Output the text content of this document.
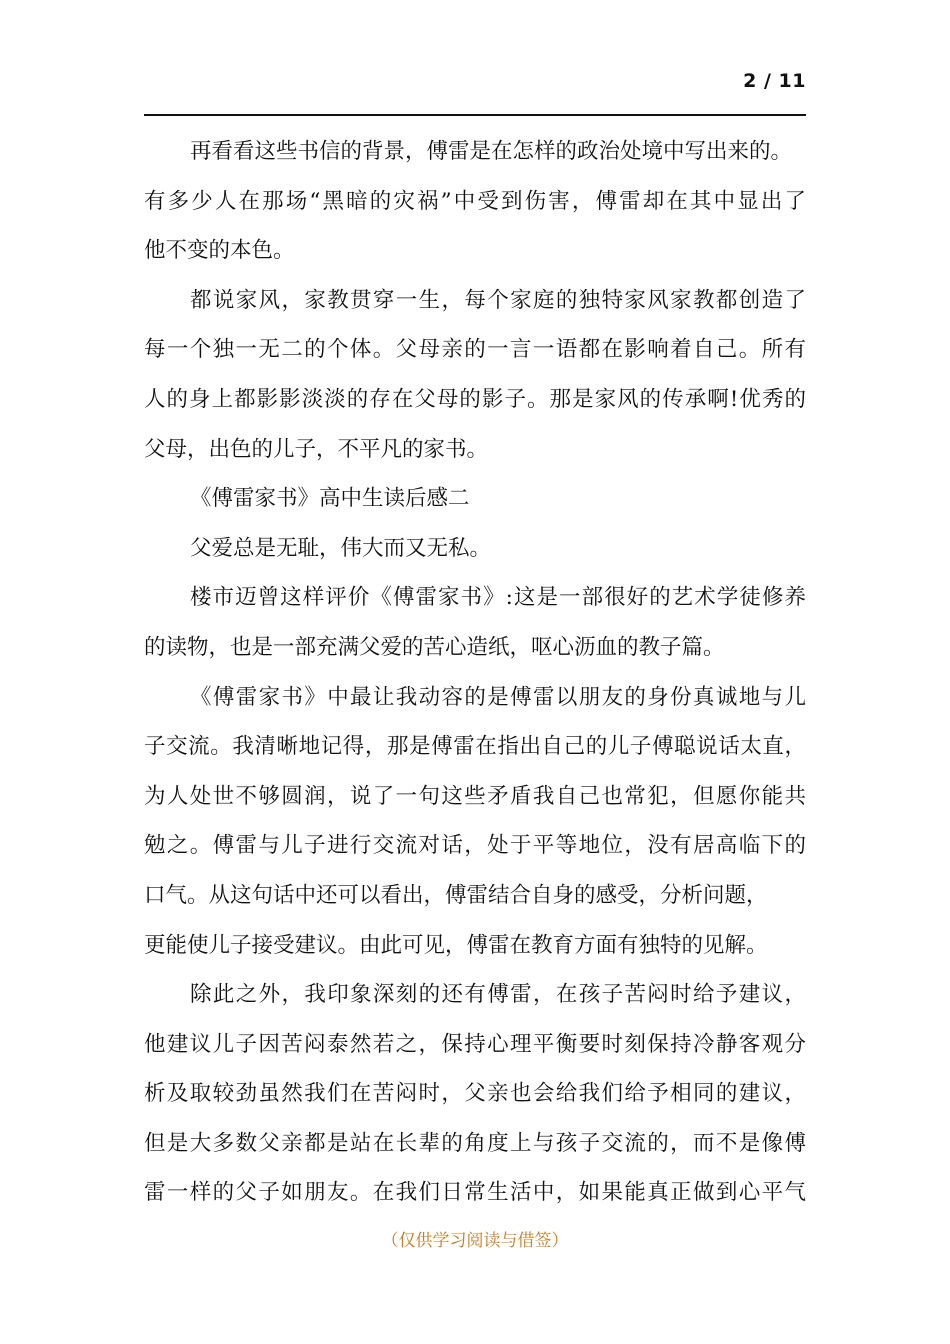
2 / 11
再看看这些书信的背景，傅雷是在怎样的政治处境中写出来的。
有多少人在那场“黑暗的灾祸”中受到伤害，傅雷却在其中显出了
他不变的本色。
都说家风，家教贯穿一生，每个家庭的独特家风家教都创造了
每一个独一无二的个体。父母亲的一言一语都在影响着自己。所有
人的身上都影影淡淡的存在父母的影子。那是家风的传承啊!优秀的
父母，出色的儿子，不平凡的家书。
《傅雷家书》高中生读后感二
父爱总是无耻，伟大而又无私。
楼市迈曾这样评价《傅雷家书》:这是一部很好的艺术学徒修养
的读物，也是一部充满父爱的苦心造纸，呕心沥血的教子篇。
《傅雷家书》中最让我动容的是傅雷以朋友的身份真诚地与儿
子交流。我清晰地记得，那是傅雷在指出自己的儿子傅聪说话太直，
为人处世不够圆润，说了一句这些矛盾我自己也常犯，但愿你能共
勉之。傅雷与儿子进行交流对话，处于平等地位，没有居高临下的
口气。从这句话中还可以看出，傅雷结合自身的感受，分析问题，
更能使儿子接受建议。由此可见，傅雷在教育方面有独特的见解。
除此之外，我印象深刻的还有傅雷，在孩子苦闷时给予建议，
他建议儿子因苦闷泰然若之，保持心理平衡要时刻保持冷静客观分
析及取较劲虽然我们在苦闷时，父亲也会给我们给予相同的建议，
但是大多数父亲都是站在长辈的角度上与孩子交流的，而不是像傅
雷一样的父子如朋友。在我们日常生活中，如果能真正做到心平气
（仅供学习阅读与借签）
